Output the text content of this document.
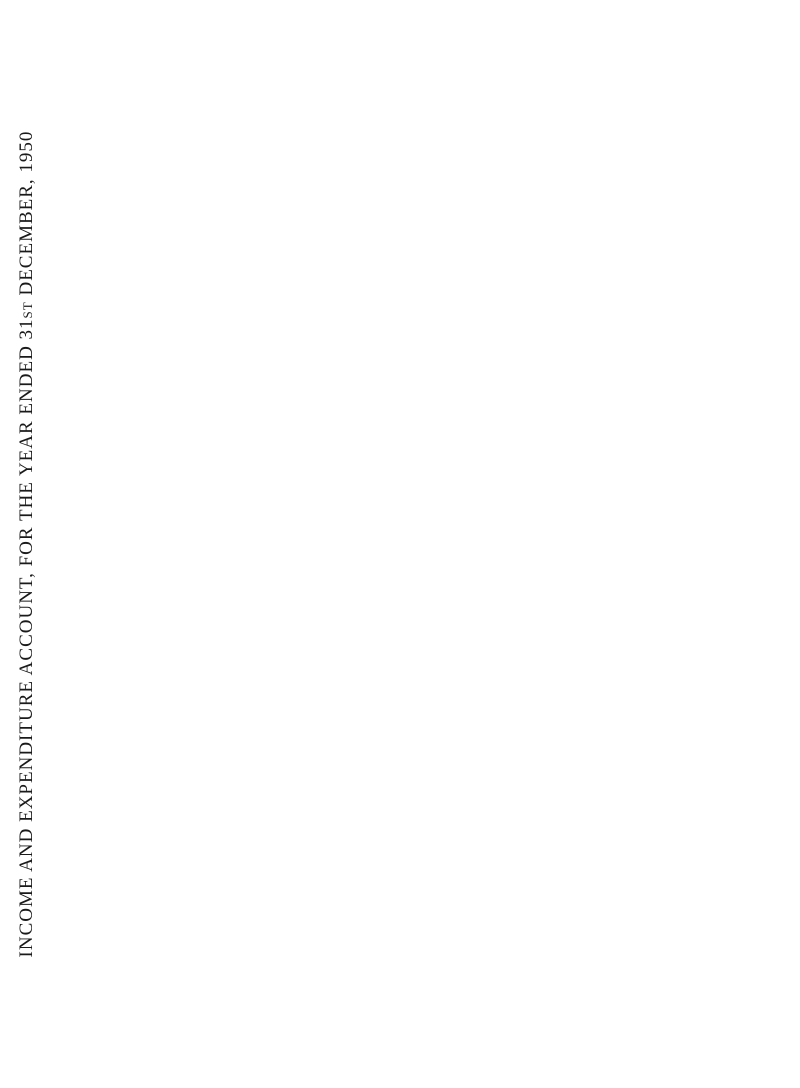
INCOME AND EXPENDITURE ACCOUNT, FOR THE YEAR ENDED 31st DECEMBER, 1950
